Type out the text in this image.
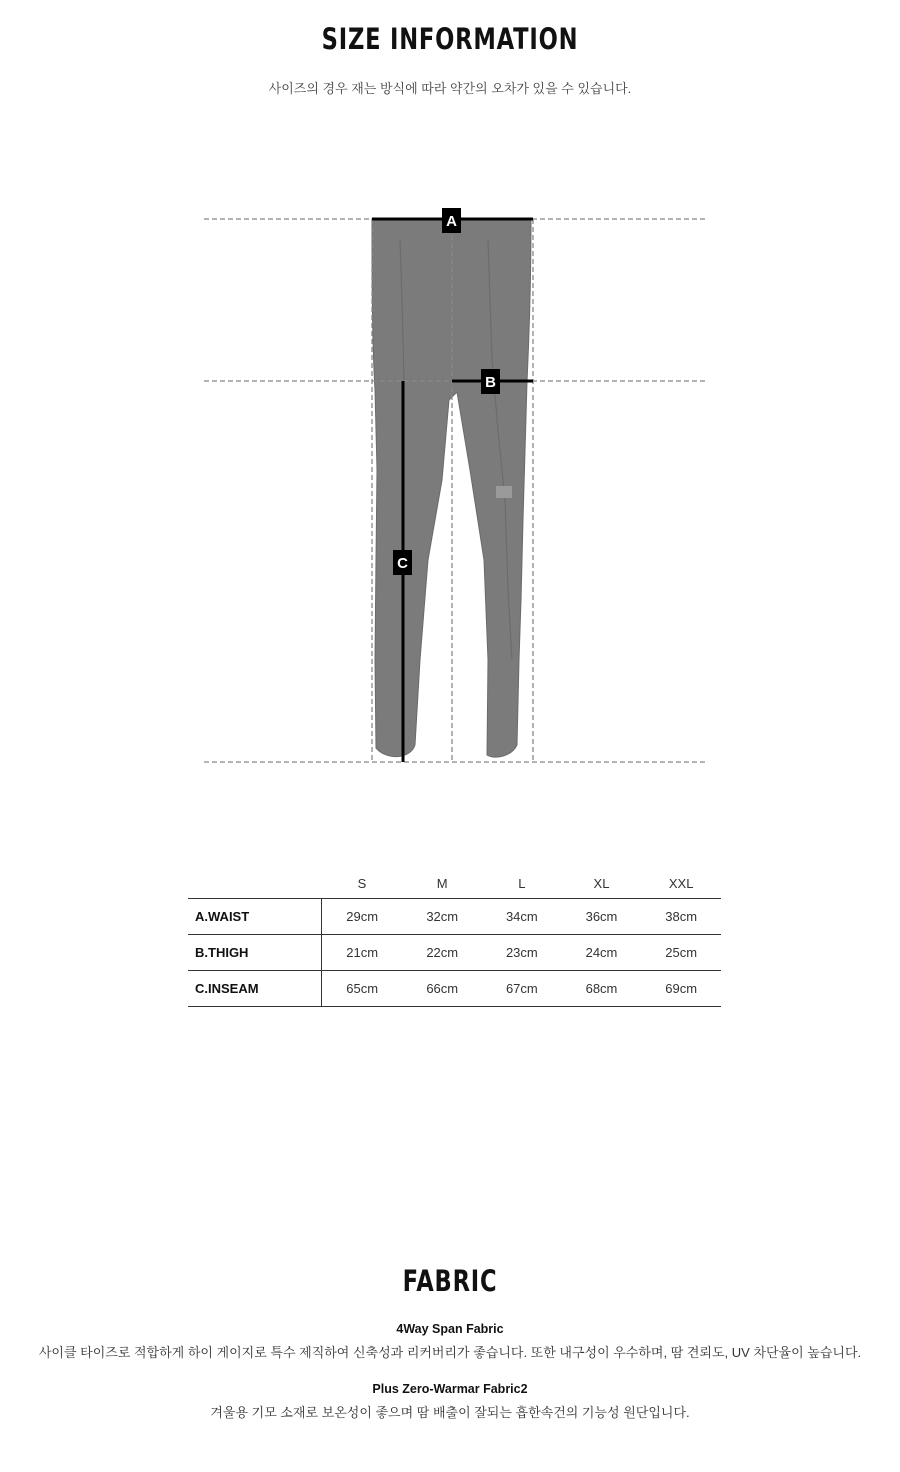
SIZE INFORMATION
사이즈의 경우 재는 방식에 따라 약간의 오차가 있을 수 있습니다.
A
B
C
	S	M	L	XL	XXL
A.WAIST	29cm	32cm	34cm	36cm	38cm
B.THIGH	21cm	22cm	23cm	24cm	25cm
C.INSEAM	65cm	66cm	67cm	68cm	69cm
FABRIC
4Way Span Fabric
사이클 타이즈로 적합하게 하이 게이지로 특수 제직하여 신축성과 리커버리가 좋습니다. 또한 내구성이 우수하며, 땀 견뢰도, UV 차단율이 높습니다.
Plus Zero-Warmar Fabric2
겨울용 기모 소재로 보온성이 좋으며 땀 배출이 잘되는 흡한속건의 기능성 원단입니다.
